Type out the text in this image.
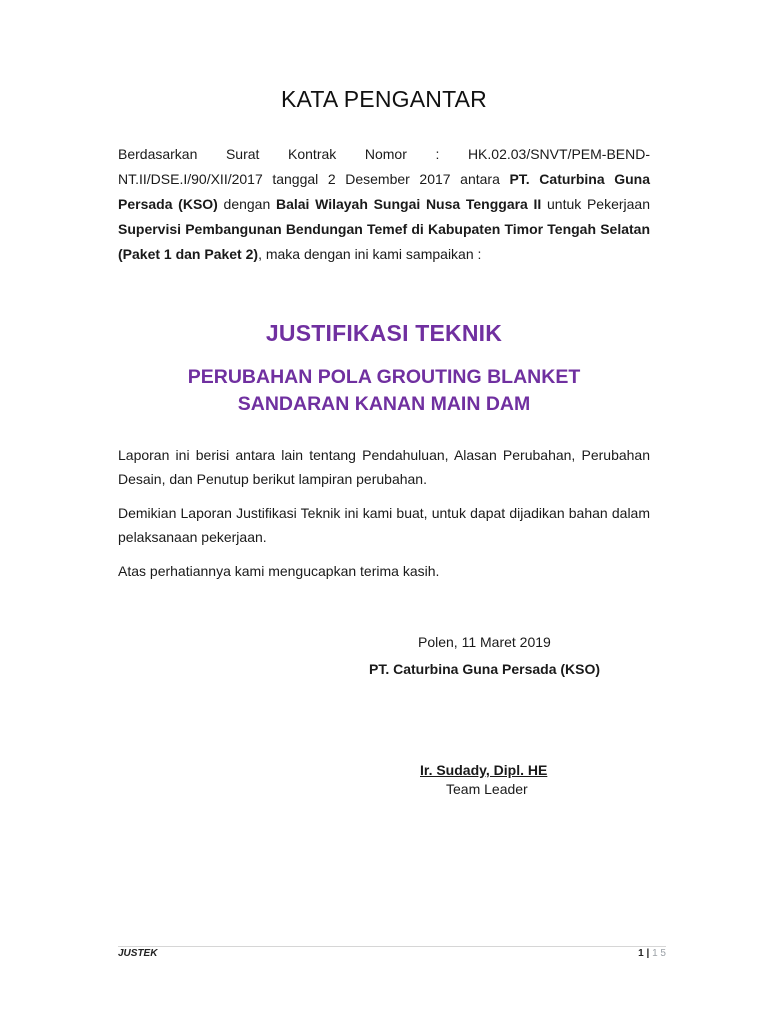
KATA PENGANTAR
Berdasarkan Surat Kontrak Nomor : HK.02.03/SNVT/PEM-BEND-NT.II/DSE.I/90/XII/2017 tanggal 2 Desember 2017 antara PT. Caturbina Guna Persada (KSO) dengan Balai Wilayah Sungai Nusa Tenggara II untuk Pekerjaan Supervisi Pembangunan Bendungan Temef di Kabupaten Timor Tengah Selatan (Paket 1 dan Paket 2), maka dengan ini kami sampaikan :
JUSTIFIKASI TEKNIK
PERUBAHAN POLA GROUTING BLANKET
SANDARAN KANAN MAIN DAM
Laporan ini berisi antara lain tentang Pendahuluan, Alasan Perubahan, Perubahan Desain, dan Penutup berikut lampiran perubahan.
Demikian Laporan Justifikasi Teknik ini kami buat, untuk dapat dijadikan bahan dalam pelaksanaan pekerjaan.
Atas perhatiannya kami mengucapkan terima kasih.
Polen, 11 Maret 2019
PT. Caturbina Guna Persada (KSO)
Ir. Sudady, Dipl. HE
Team Leader
JUSTEK	1 | 1 5
